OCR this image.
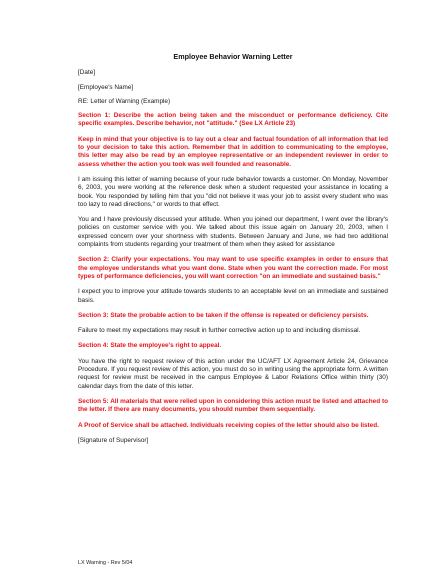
Employee Behavior Warning Letter
[Date]
[Employee's Name]
RE: Letter of Warning (Example)
Section 1: Describe the action being taken and the misconduct or performance deficiency. Cite specific examples. Describe behavior, not "attitude." (See LX Article 23)
Keep in mind that your objective is to lay out a clear and factual foundation of all information that led to your decision to take this action. Remember that in addition to communicating to the employee, this letter may also be read by an employee representative or an independent reviewer in order to assess whether the action you took was well founded and reasonable.
I am issuing this letter of warning because of your rude behavior towards a customer. On Monday, November 6, 2003, you were working at the reference desk when a student requested your assistance in locating a book. You responded by telling him that you "did not believe it was your job to assist every student who was too lazy to read directions," or words to that effect.
You and I have previously discussed your attitude. When you joined our department, I went over the library's policies on customer service with you. We talked about this issue again on January 20, 2003, when I expressed concern over your shortness with students. Between January and June, we had two additional complaints from students regarding your treatment of them when they asked for assistance
Section 2: Clarify your expectations. You may want to use specific examples in order to ensure that the employee understands what you want done. State when you want the correction made. For most types of performance deficiencies, you will want correction "on an immediate and sustained basis."
I expect you to improve your attitude towards students to an acceptable level on an immediate and sustained basis.
Section 3: State the probable action to be taken if the offense is repeated or deficiency persists.
Failure to meet my expectations may result in further corrective action up to and including dismissal.
Section 4: State the employee's right to appeal.
You have the right to request review of this action under the UC/AFT LX Agreement Article 24, Grievance Procedure. If you request review of this action, you must do so in writing using the appropriate form. A written request for review must be received in the campus Employee & Labor Relations Office within thirty (30) calendar days from the date of this letter.
Section 5: All materials that were relied upon in considering this action must be listed and attached to the letter. If there are many documents, you should number them sequentially.
A Proof of Service shall be attached. Individuals receiving copies of the letter should also be listed.
[Signature of Supervisor]
LX Warning - Rev 5/04
